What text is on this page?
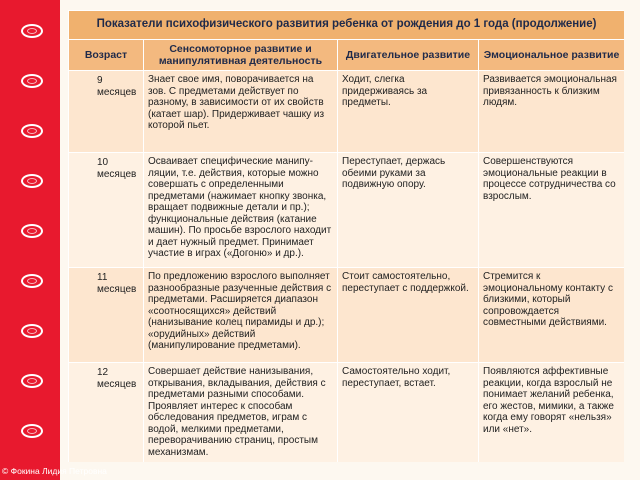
Показатели психофизического развития ребенка от рождения до 1 года (продолжение)			
Возраст	Сенсомоторное развитие и манипулятивная деятельность	Двигательное развитие	Эмоциональное развитие
9 месяцев	Знает свое имя, поворачивается на зов. С предметами действует по разному, в зависимости от их свойств (катает шар). Придерживает чашку из которой пьет.	Ходит, слегка придерживаясь за предметы.	Развивается эмоциональная привязанность к близким людям.
10 месяцев	Осваивает специфические манипу-ляции, т.е. действия, которые можно совершать с определенными предметами (нажимает кнопку звонка, вращает подвижные детали и пр.); функциональные действия (катание машин). По просьбе взрослого находит и дает нужный предмет. Принимает участие в играх («Догоню» и др.).	Переступает, держась обеими руками за подвижную опору.	Совершенствуются эмоциональные реакции в процессе сотрудничества со взрослым.
11 месяцев	По предложению взрослого выполняет разнообразные разученные действия с предметами. Расширяется диапазон «соотносящихся» действий (нанизывание колец пирамиды и др.); «орудийных» действий (манипулирование предметами).	Стоит самостоятельно, переступает с поддержкой.	Стремится к эмоциональному контакту с близкими, который сопровождается совместными действиями.
12 месяцев	Совершает действие нанизывания, открывания, вкладывания, действия с предметами разными способами. Проявляет интерес к способам обследования предметов, играм с водой, мелкими предметами, переворачиванию страниц, простым механизмам.	Самостоятельно ходит, переступает, встает.	Появляются аффективные реакции, когда взрослый не понимает желаний ребенка, его жестов, мимики, а также когда ему говорят «нельзя» или «нет».
© Фокина Лидия Петровна
